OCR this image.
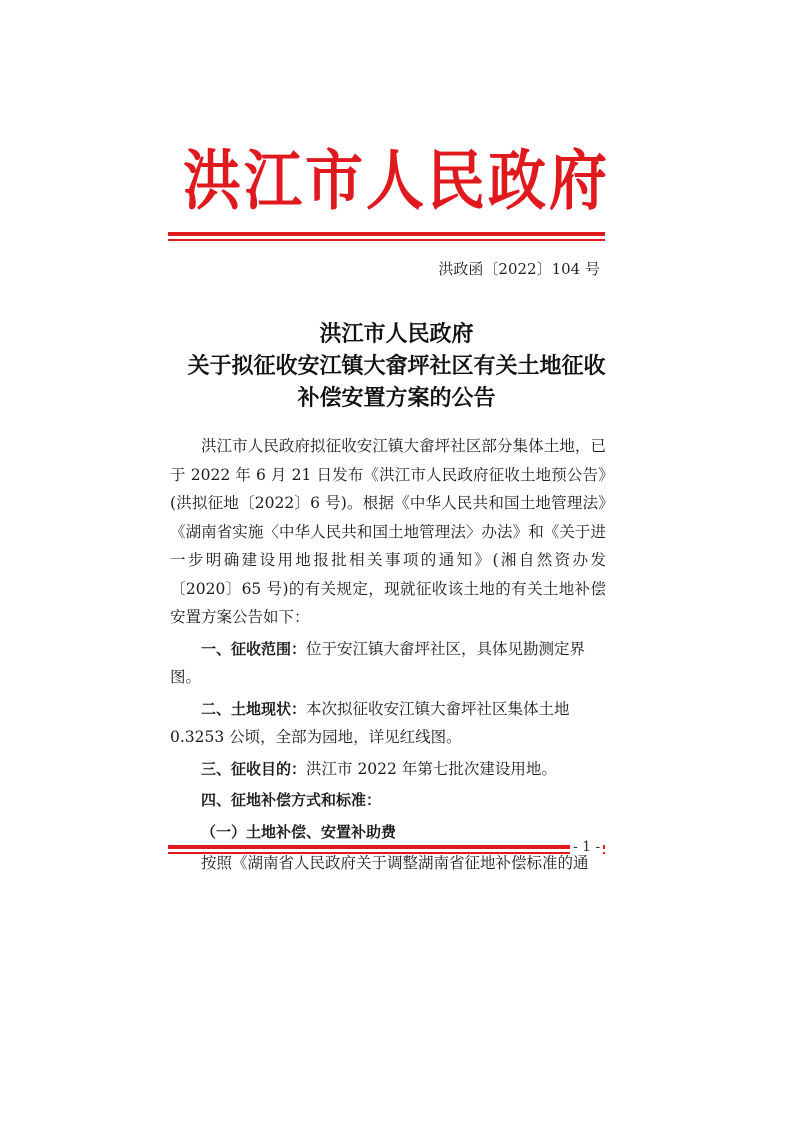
洪江市人民政府
洪政函〔2022〕104 号
洪江市人民政府
关于拟征收安江镇大畲坪社区有关土地征收
补偿安置方案的公告

洪江市人民政府拟征收安江镇大畲坪社区部分集体土地，已于 2022 年 6 月 21 日发布《洪江市人民政府征收土地预公告》(洪拟征地〔2022〕6 号)。根据《中华人民共和国土地管理法》《湖南省实施〈中华人民共和国土地管理法〉办法》和《关于进一步明确建设用地报批相关事项的通知》(湘自然资办发〔2020〕65 号)的有关规定，现就征收该土地的有关土地补偿安置方案公告如下：

一、征收范围：位于安江镇大畲坪社区，具体见勘测定界图。

二、土地现状：本次拟征收安江镇大畲坪社区集体土地 0.3253 公顷，全部为园地，详见红线图。

三、征收目的：洪江市 2022 年第七批次建设用地。

四、征地补偿方式和标准：

（一）土地补偿、安置补助费

按照《湖南省人民政府关于调整湖南省征地补偿标准的通

- 1 -
